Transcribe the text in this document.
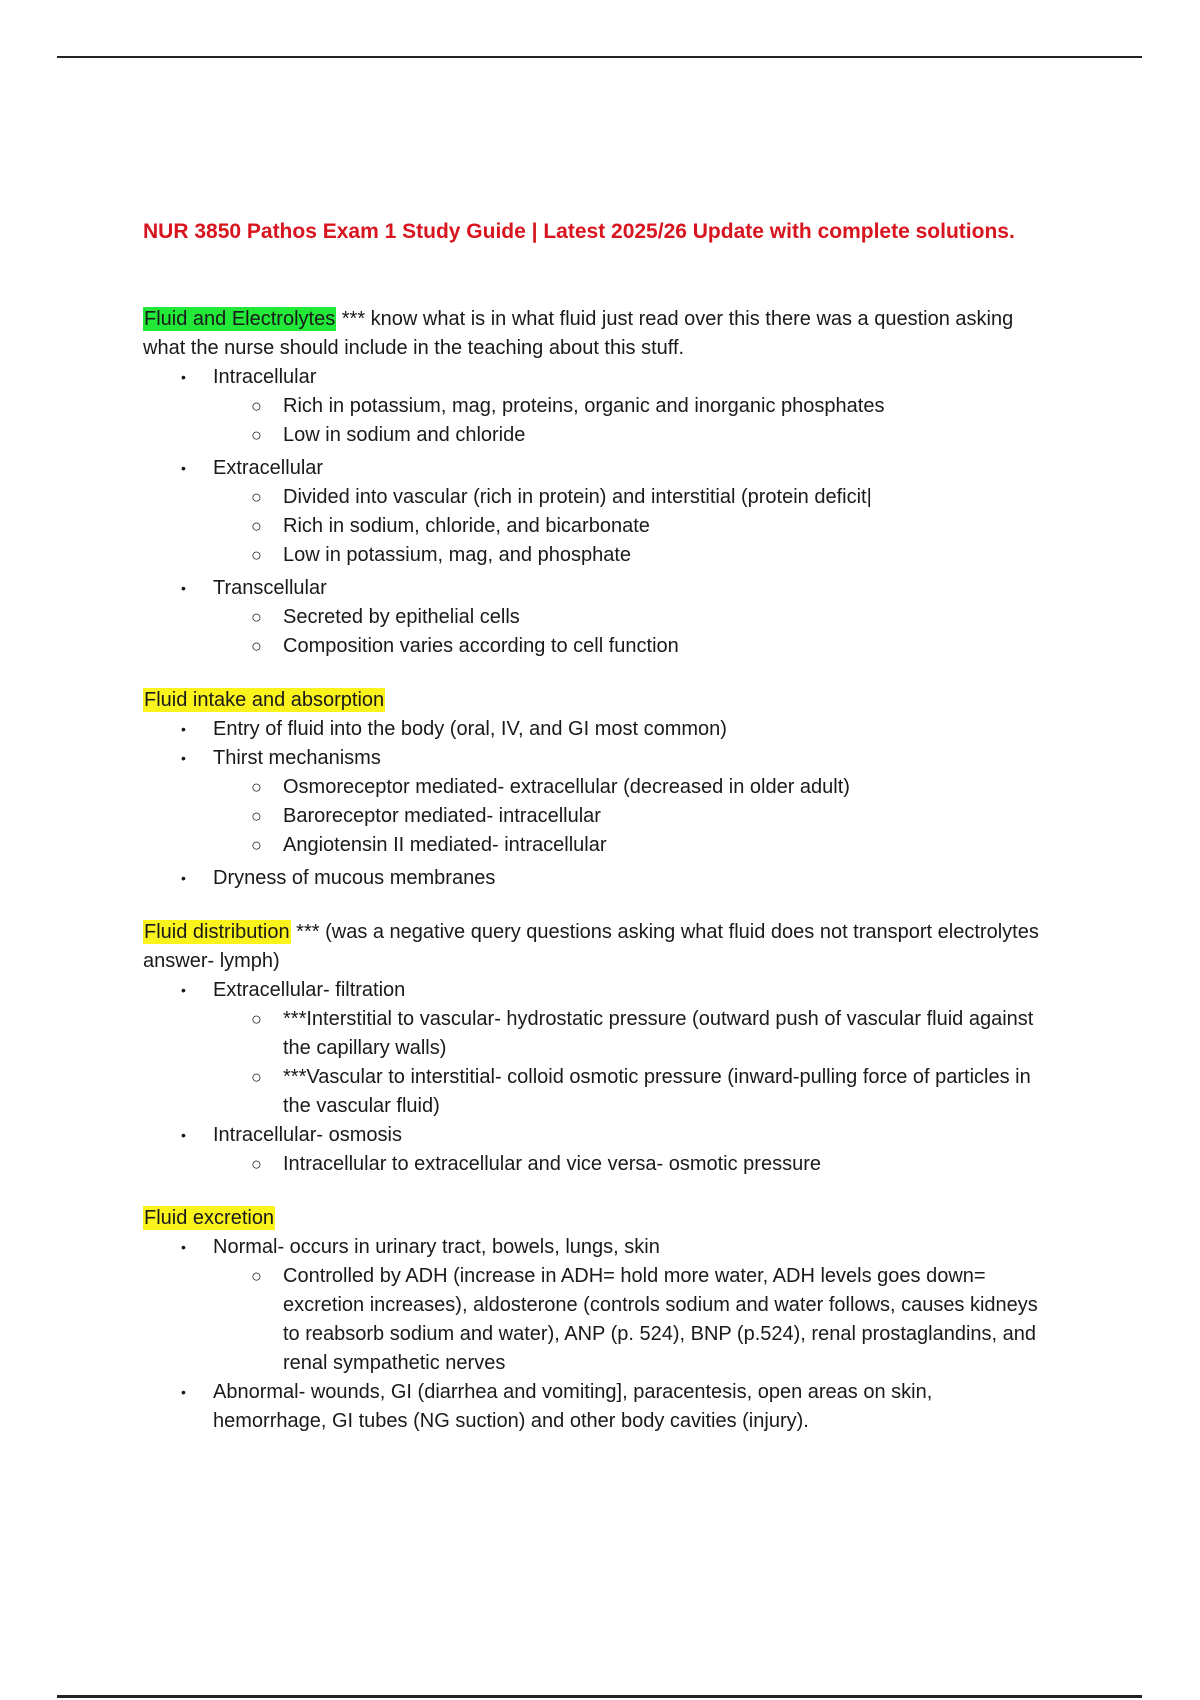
NUR 3850 Pathos Exam 1 Study Guide | Latest 2025/26 Update with complete solutions.

Fluid and Electrolytes *** know what is in what fluid just read over this there was a question asking what the nurse should include in the teaching about this stuff.

• Intracellular
○ Rich in potassium, mag, proteins, organic and inorganic phosphates
○ Low in sodium and chloride
• Extracellular
○ Divided into vascular (rich in protein) and interstitial (protein deficit|
○ Rich in sodium, chloride, and bicarbonate
○ Low in potassium, mag, and phosphate
• Transcellular
○ Secreted by epithelial cells
○ Composition varies according to cell function

Fluid intake and absorption

• Entry of fluid into the body (oral, IV, and GI most common)
• Thirst mechanisms
○ Osmoreceptor mediated- extracellular (decreased in older adult)
○ Baroreceptor mediated- intracellular
○ Angiotensin II mediated- intracellular
• Dryness of mucous membranes

Fluid distribution *** (was a negative query questions asking what fluid does not transport electrolytes answer- lymph)

• Extracellular- filtration
○ ***Interstitial to vascular- hydrostatic pressure (outward push of vascular fluid against the capillary walls)
○ ***Vascular to interstitial- colloid osmotic pressure (inward-pulling force of particles in the vascular fluid)
• Intracellular- osmosis
○ Intracellular to extracellular and vice versa- osmotic pressure

Fluid excretion

• Normal- occurs in urinary tract, bowels, lungs, skin
○ Controlled by ADH (increase in ADH= hold more water, ADH levels goes down= excretion increases), aldosterone (controls sodium and water follows, causes kidneys to reabsorb sodium and water), ANP (p. 524), BNP (p.524), renal prostaglandins, and renal sympathetic nerves
• Abnormal- wounds, GI (diarrhea and vomiting], paracentesis, open areas on skin, hemorrhage, GI tubes (NG suction) and other body cavities (injury).
